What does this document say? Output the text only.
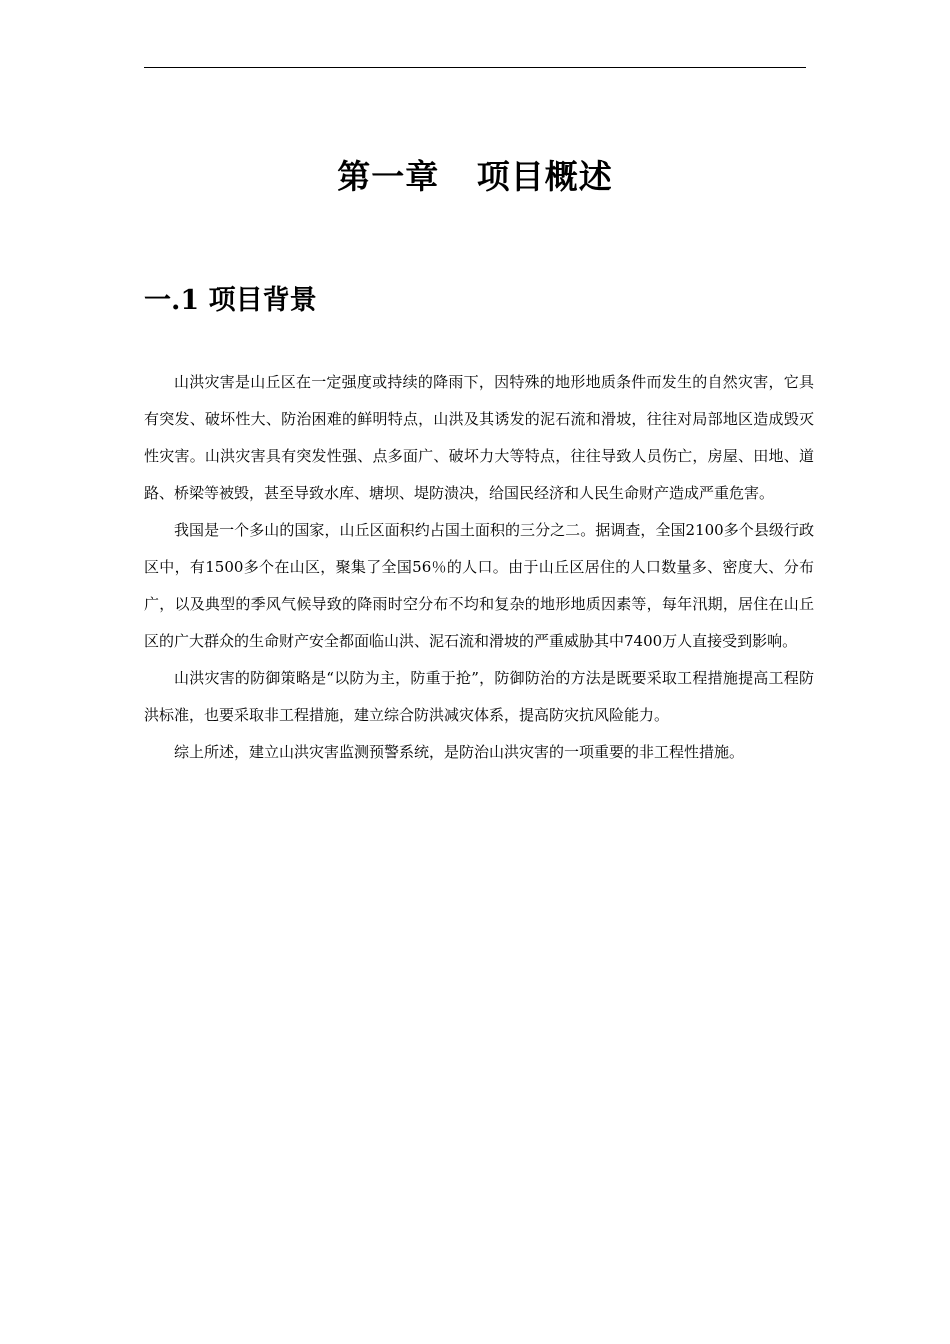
第一章   项目概述
一.1 项目背景

山洪灾害是山丘区在一定强度或持续的降雨下，因特殊的地形地质条件而发生的自然灾害，它具有突发、破坏性大、防治困难的鲜明特点，山洪及其诱发的泥石流和滑坡，往往对局部地区造成毁灭性灾害。山洪灾害具有突发性强、点多面广、破坏力大等特点，往往导致人员伤亡，房屋、田地、道路、桥梁等被毁，甚至导致水库、塘坝、堤防溃决，给国民经济和人民生命财产造成严重危害。

我国是一个多山的国家，山丘区面积约占国土面积的三分之二。据调查，全国2100多个县级行政区中，有1500多个在山区，聚集了全国56％的人口。由于山丘区居住的人口数量多、密度大、分布广，以及典型的季风气候导致的降雨时空分布不均和复杂的地形地质因素等，每年汛期，居住在山丘区的广大群众的生命财产安全都面临山洪、泥石流和滑坡的严重威胁其中7400万人直接受到影响。

山洪灾害的防御策略是“以防为主，防重于抢”，防御防治的方法是既要采取工程措施提高工程防洪标准，也要采取非工程措施，建立综合防洪减灾体系，提高防灾抗风险能力。

综上所述，建立山洪灾害监测预警系统，是防治山洪灾害的一项重要的非工程性措施。
